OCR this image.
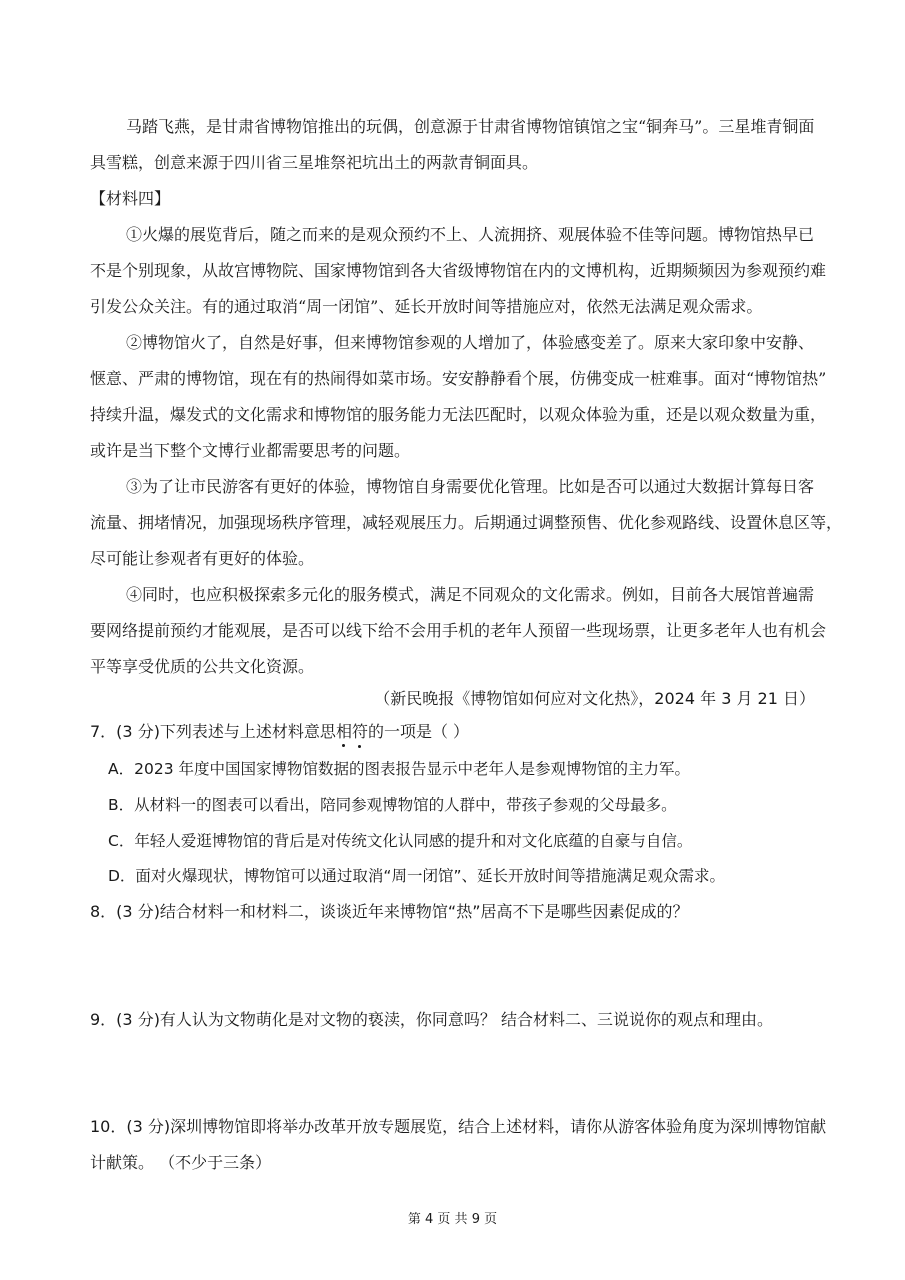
马踏飞燕，是甘肃省博物馆推出的玩偶，创意源于甘肃省博物馆镇馆之宝“铜奔马”。三星堆青铜面
具雪糕，创意来源于四川省三星堆祭祀坑出土的两款青铜面具。
【材料四】
①火爆的展览背后，随之而来的是观众预约不上、人流拥挤、观展体验不佳等问题。博物馆热早已
不是个别现象，从故宫博物院、国家博物馆到各大省级博物馆在内的文博机构，近期频频因为参观预约难
引发公众关注。有的通过取消“周一闭馆”、延长开放时间等措施应对，依然无法满足观众需求。
②博物馆火了，自然是好事，但来博物馆参观的人增加了，体验感变差了。原来大家印象中安静、
惬意、严肃的博物馆，现在有的热闹得如菜市场。安安静静看个展，仿佛变成一桩难事。面对“博物馆热”
持续升温，爆发式的文化需求和博物馆的服务能力无法匹配时，以观众体验为重，还是以观众数量为重，
或许是当下整个文博行业都需要思考的问题。
③为了让市民游客有更好的体验，博物馆自身需要优化管理。比如是否可以通过大数据计算每日客
流量、拥堵情况，加强现场秩序管理，减轻观展压力。后期通过调整预售、优化参观路线、设置休息区等，
尽可能让参观者有更好的体验。
④同时，也应积极探索多元化的服务模式，满足不同观众的文化需求。例如，目前各大展馆普遍需
要网络提前预约才能观展，是否可以线下给不会用手机的老年人预留一些现场票，让更多老年人也有机会
平等享受优质的公共文化资源。
（新民晚报《博物馆如何应对文化热》，2024 年 3 月 21 日）
7．(3 分)下列表述与上述材料意思相符的一项是（ ）
A．2023 年度中国国家博物馆数据的图表报告显示中老年人是参观博物馆的主力军。
B．从材料一的图表可以看出，陪同参观博物馆的人群中，带孩子参观的父母最多。
C．年轻人爱逛博物馆的背后是对传统文化认同感的提升和对文化底蕴的自豪与自信。
D．面对火爆现状，博物馆可以通过取消“周一闭馆”、延长开放时间等措施满足观众需求。
8．(3 分)结合材料一和材料二，谈谈近年来博物馆“热”居高不下是哪些因素促成的？
9．(3 分)有人认为文物萌化是对文物的亵渎，你同意吗？ 结合材料二、三说说你的观点和理由。
10．(3 分)深圳博物馆即将举办改革开放专题展览，结合上述材料，请你从游客体验角度为深圳博物馆献
计献策。 （不少于三条）
第 4 页 共 9 页
